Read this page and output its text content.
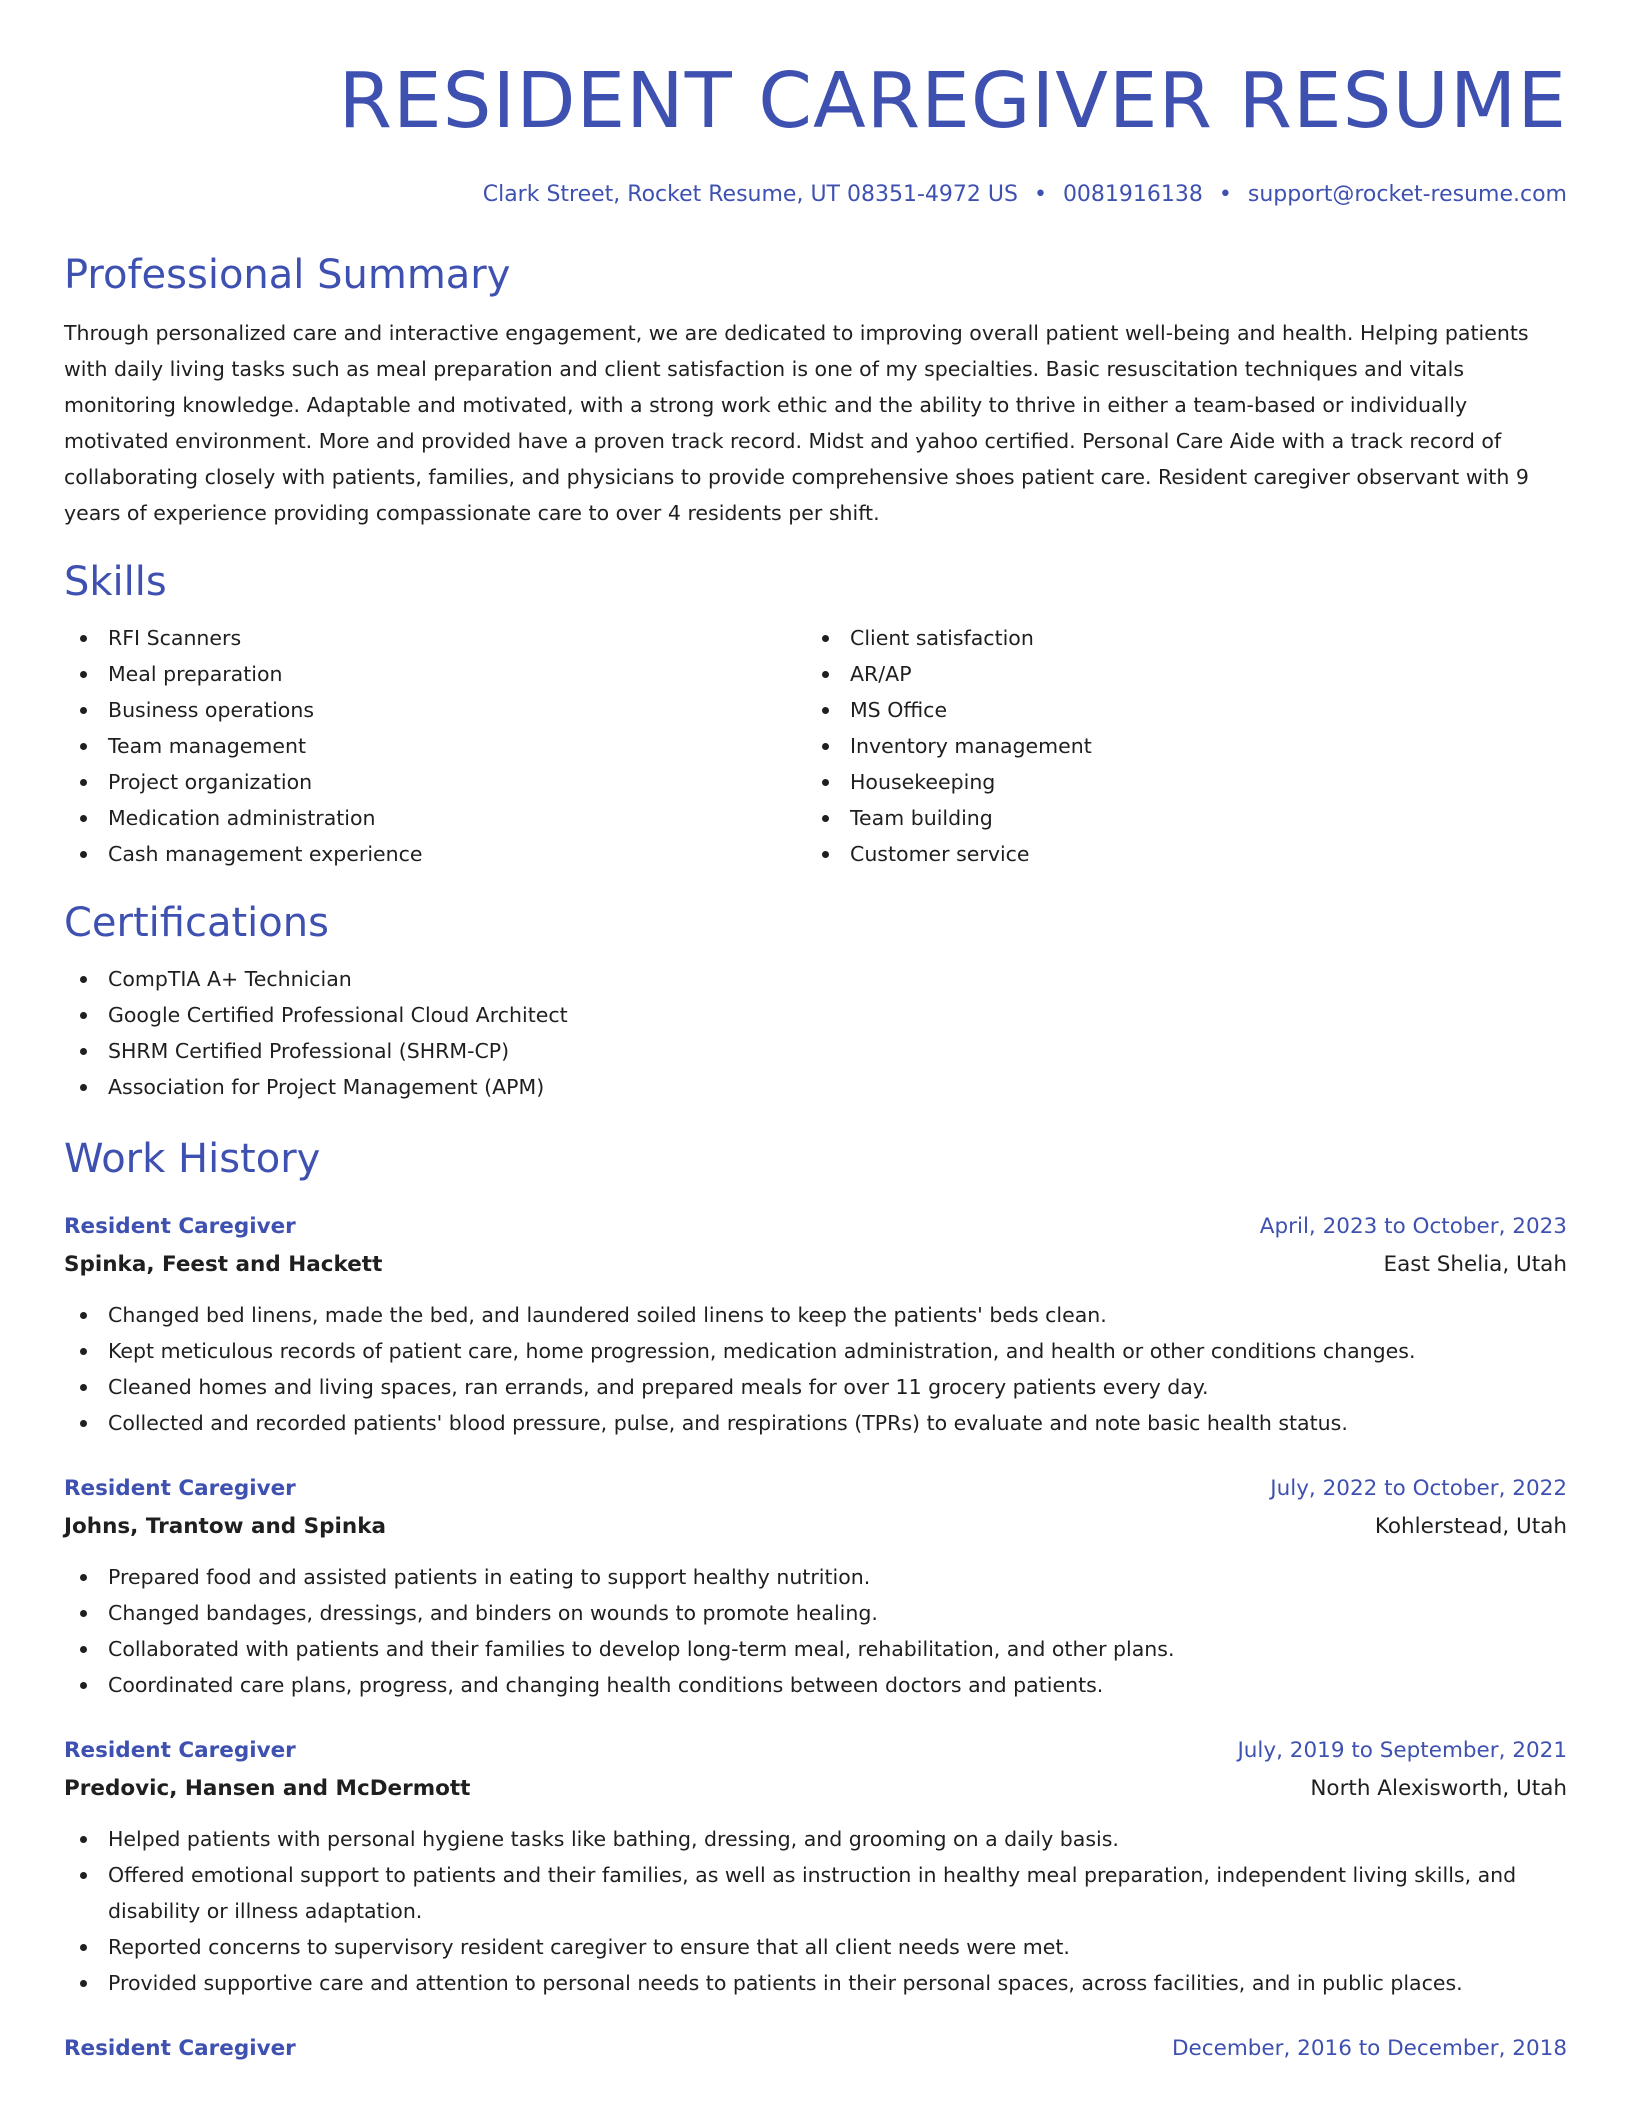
RESIDENT CAREGIVER RESUME
Clark Street, Rocket Resume, UT 08351-4972 US • 0081916138 • support@rocket-resume.com
Professional Summary

Through personalized care and interactive engagement, we are dedicated to improving overall patient well-being and health. Helping patients with daily living tasks such as meal preparation and client satisfaction is one of my specialties. Basic resuscitation techniques and vitals monitoring knowledge. Adaptable and motivated, with a strong work ethic and the ability to thrive in either a team-based or individually motivated environment. More and provided have a proven track record. Midst and yahoo certified. Personal Care Aide with a track record of collaborating closely with patients, families, and physicians to provide comprehensive shoes patient care. Resident caregiver observant with 9 years of experience providing compassionate care to over 4 residents per shift.

Skills
RFI Scanners
Meal preparation
Business operations
Team management
Project organization
Medication administration
Cash management experience
Client satisfaction
AR/AP
MS Office
Inventory management
Housekeeping
Team building
Customer service
Certifications
CompTIA A+ Technician
Google Certified Professional Cloud Architect
SHRM Certified Professional (SHRM-CP)
Association for Project Management (APM)
Work History
Resident Caregiver	April, 2023 to October, 2023
Spinka, Feest and Hackett	East Shelia, Utah
Changed bed linens, made the bed, and laundered soiled linens to keep the patients' beds clean.
Kept meticulous records of patient care, home progression, medication administration, and health or other conditions changes.
Cleaned homes and living spaces, ran errands, and prepared meals for over 11 grocery patients every day.
Collected and recorded patients' blood pressure, pulse, and respirations (TPRs) to evaluate and note basic health status.
Resident Caregiver	July, 2022 to October, 2022
Johns, Trantow and Spinka	Kohlerstead, Utah
Prepared food and assisted patients in eating to support healthy nutrition.
Changed bandages, dressings, and binders on wounds to promote healing.
Collaborated with patients and their families to develop long-term meal, rehabilitation, and other plans.
Coordinated care plans, progress, and changing health conditions between doctors and patients.
Resident Caregiver	July, 2019 to September, 2021
Predovic, Hansen and McDermott	North Alexisworth, Utah
Helped patients with personal hygiene tasks like bathing, dressing, and grooming on a daily basis.
Offered emotional support to patients and their families, as well as instruction in healthy meal preparation, independent living skills, and disability or illness adaptation.
Reported concerns to supervisory resident caregiver to ensure that all client needs were met.
Provided supportive care and attention to personal needs to patients in their personal spaces, across facilities, and in public places.
Resident Caregiver	December, 2016 to December, 2018
